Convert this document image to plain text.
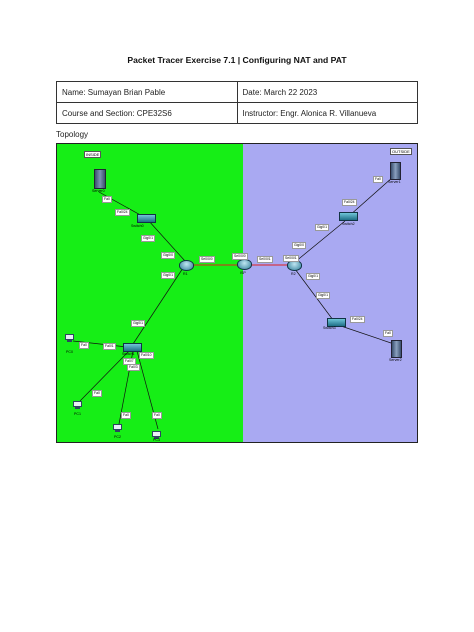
Packet Tracer Exercise 7.1 | Configuring NAT and PAT
Name: Sumayan Brian Pable	Date: March 22 2023
Course and Section: CPE32S6	Instructor: Engr. Alonica R. Villanueva
Topology
INSIDE
OUTSIDE
Server0
Switch0
R1
Switch1
PC0
PC1
PC2
PC3
ISP	R2
Switch2
Server1
Switch3
Server2
Fa0
Fa0/24
Gig0/1
Gig0/0
Se0/0/0
Se0/0/0
Se0/0/1	Se0/0/1
Gig0/1
Gig0/1
Gig0/0
Gig0/1
Fa0/24
Fa0
Gig0/1
Gig0/1
Fa0/24
Fa0
Fa0	Fa0/1
Fa0/10
Fa0/7
Fa0/3
Fa0
Fa0	Fa0
